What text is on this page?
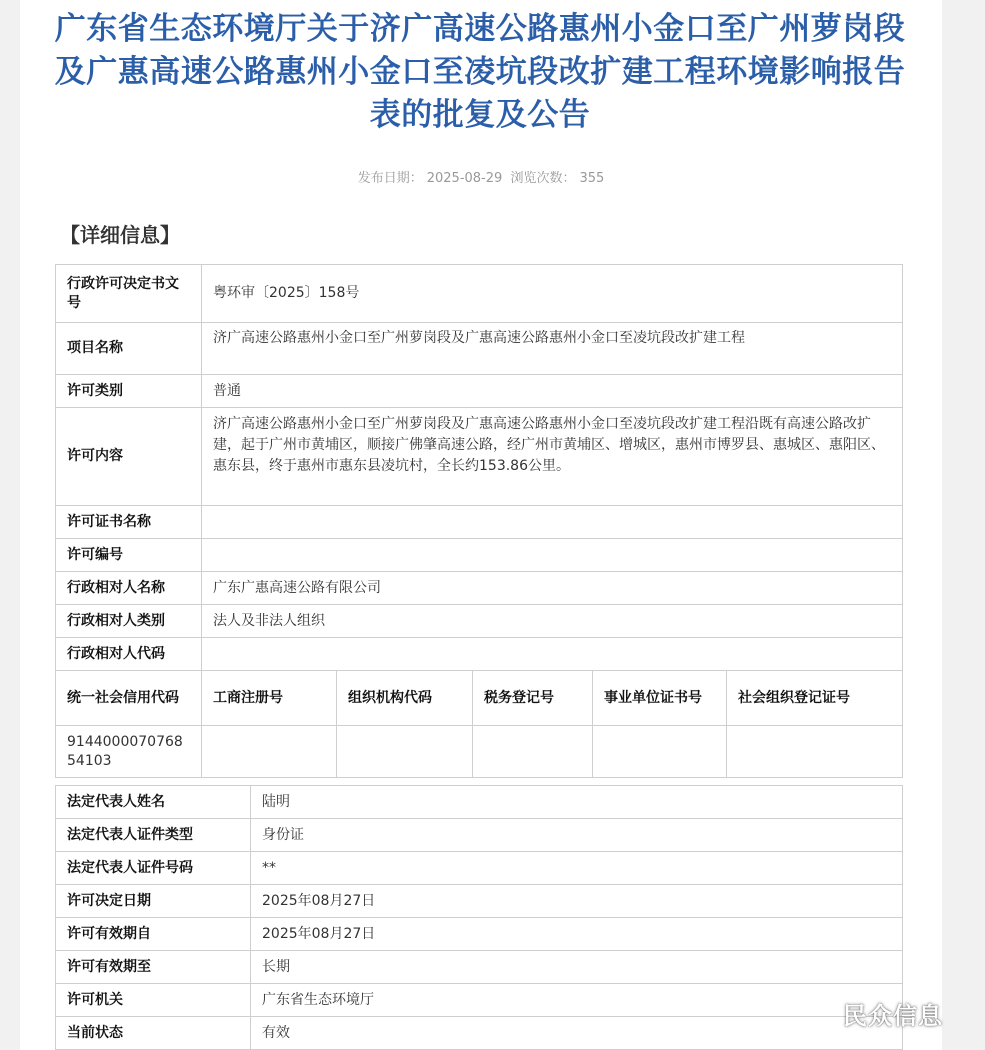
广东省生态环境厅关于济广高速公路惠州小金口至广州萝岗段及广惠高速公路惠州小金口至凌坑段改扩建工程环境影响报告表的批复及公告
发布日期： 2025-08-29 浏览次数： 355
【详细信息】
行政许可决定书文号	粤环审〔2025〕158号				
项目名称	济广高速公路惠州小金口至广州萝岗段及广惠高速公路惠州小金口至凌坑段改扩建工程				
许可类别	普通				
许可内容	济广高速公路惠州小金口至广州萝岗段及广惠高速公路惠州小金口至凌坑段改扩建工程沿既有高速公路改扩建，起于广州市黄埔区，顺接广佛肇高速公路，经广州市黄埔区、增城区，惠州市博罗县、惠城区、惠阳区、惠东县，终于惠州市惠东县凌坑村，全长约153.86公里。				
许可证书名称					
许可编号					
行政相对人名称	广东广惠高速公路有限公司				
行政相对人类别	法人及非法人组织				
行政相对人代码					
统一社会信用代码	工商注册号	组织机构代码	税务登记号	事业单位证书号	社会组织登记证号
914400007076854103					
法定代表人姓名	陆明
法定代表人证件类型	身份证
法定代表人证件号码	**
许可决定日期	2025年08月27日
许可有效期自	2025年08月27日
许可有效期至	长期
许可机关	广东省生态环境厅
当前状态	有效
民众信息
